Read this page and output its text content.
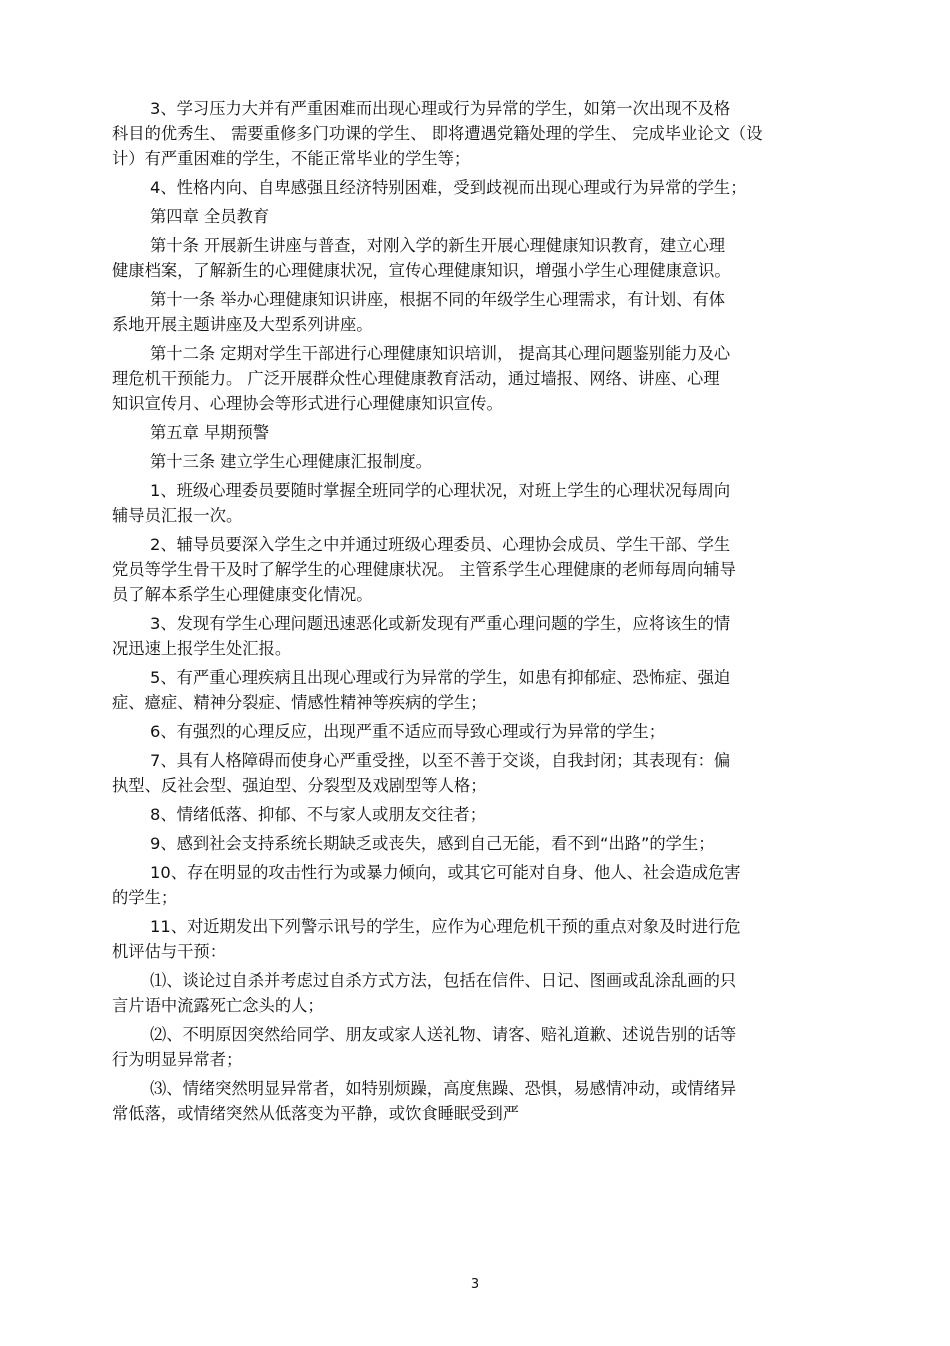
3、学习压力大并有严重困难而出现心理或行为异常的学生，如第一次出现不及格
科目的优秀生、 需要重修多门功课的学生、 即将遭遇党籍处理的学生、 完成毕业论文（设
计）有严重困难的学生，不能正常毕业的学生等；
4、性格内向、自卑感强且经济特别困难，受到歧视而出现心理或行为异常的学生；
第四章 全员教育
第十条 开展新生讲座与普查，对刚入学的新生开展心理健康知识教育，建立心理
健康档案，了解新生的心理健康状况，宣传心理健康知识，增强小学生心理健康意识。
第十一条 举办心理健康知识讲座，根据不同的年级学生心理需求，有计划、有体
系地开展主题讲座及大型系列讲座。
第十二条 定期对学生干部进行心理健康知识培训， 提高其心理问题鉴别能力及心
理危机干预能力。 广泛开展群众性心理健康教育活动，通过墙报、网络、讲座、心理
知识宣传月、心理协会等形式进行心理健康知识宣传。
第五章 早期预警
第十三条 建立学生心理健康汇报制度。
1、班级心理委员要随时掌握全班同学的心理状况，对班上学生的心理状况每周向
辅导员汇报一次。
2、辅导员要深入学生之中并通过班级心理委员、心理协会成员、学生干部、学生
党员等学生骨干及时了解学生的心理健康状况。 主管系学生心理健康的老师每周向辅导
员了解本系学生心理健康变化情况。
3、发现有学生心理问题迅速恶化或新发现有严重心理问题的学生，应将该生的情
况迅速上报学生处汇报。
5、有严重心理疾病且出现心理或行为异常的学生，如患有抑郁症、恐怖症、强迫
症、癔症、精神分裂症、情感性精神等疾病的学生；
6、有强烈的心理反应，出现严重不适应而导致心理或行为异常的学生；
7、具有人格障碍而使身心严重受挫，以至不善于交谈，自我封闭；其表现有：偏
执型、反社会型、强迫型、分裂型及戏剧型等人格；
8、情绪低落、抑郁、不与家人或朋友交往者；
9、感到社会支持系统长期缺乏或丧失，感到自己无能，看不到“出路”的学生；
10、存在明显的攻击性行为或暴力倾向，或其它可能对自身、他人、社会造成危害
的学生；
11、对近期发出下列警示讯号的学生，应作为心理危机干预的重点对象及时进行危
机评估与干预：
⑴、谈论过自杀并考虑过自杀方式方法，包括在信件、日记、图画或乱涂乱画的只
言片语中流露死亡念头的人；
⑵、不明原因突然给同学、朋友或家人送礼物、请客、赔礼道歉、述说告别的话等
行为明显异常者；
⑶、情绪突然明显异常者，如特别烦躁，高度焦躁、恐惧，易感情冲动，或情绪异
常低落，或情绪突然从低落变为平静，或饮食睡眠受到严
3
